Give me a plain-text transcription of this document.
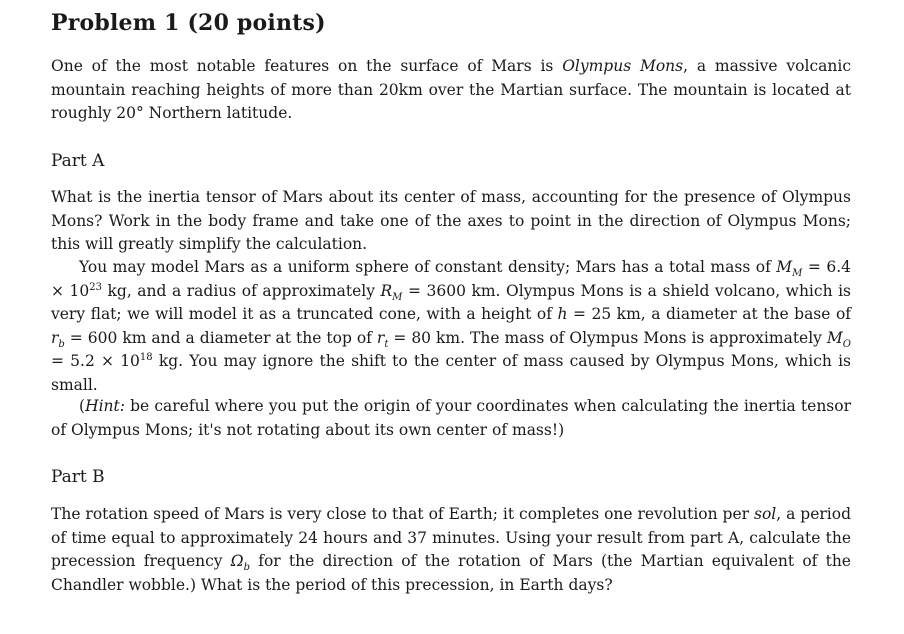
Problem 1 (20 points)

One of the most notable features on the surface of Mars is Olympus Mons, a massive volcanic mountain reaching heights of more than 20km over the Martian surface. The mountain is located at roughly 20° Northern latitude.

Part A

What is the inertia tensor of Mars about its center of mass, accounting for the presence of Olympus Mons? Work in the body frame and take one of the axes to point in the direction of Olympus Mons; this will greatly simplify the calculation.

You may model Mars as a uniform sphere of constant density; Mars has a total mass of $M_M = 6.4 \times 10^{23}$ kg, and a radius of approximately $R_M = 3600$ km. Olympus Mons is a shield volcano, which is very flat; we will model it as a truncated cone, with a height of h = 25 km, a diameter at the base of $r_b = 600$ km and a diameter at the top of $r_t = 80$ km. The mass of Olympus Mons is approximately $M_O = 5.2 \times 10^{18}$ kg. You may ignore the shift to the center of mass caused by Olympus Mons, which is small.

(Hint: be careful where you put the origin of your coordinates when calculating the inertia tensor of Olympus Mons; it's not rotating about its own center of mass!)

Part B

The rotation speed of Mars is very close to that of Earth; it completes one revolution per sol, a period of time equal to approximately 24 hours and 37 minutes. Using your result from part A, calculate the precession frequency $\Omega_b$ for the direction of the rotation of Mars (the Martian equivalent of the Chandler wobble.) What is the period of this precession, in Earth days?
